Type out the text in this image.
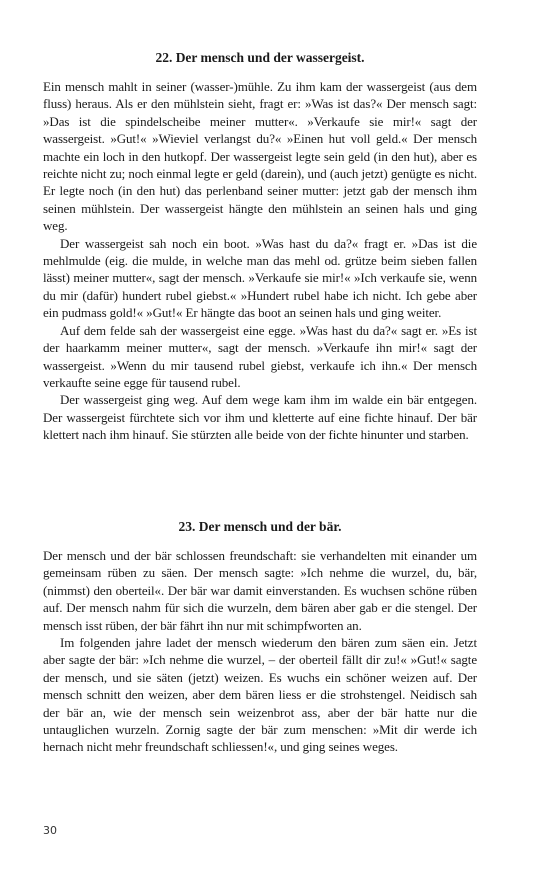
22. Der mensch und der wassergeist.

Ein mensch mahlt in seiner (wasser-)mühle. Zu ihm kam der wassergeist (aus dem fluss) heraus. Als er den mühlstein sieht, fragt er: »Was ist das?« Der mensch sagt: »Das ist die spindelscheibe meiner mutter«. »Verkaufe sie mir!« sagt der wassergeist. »Gut!« »Wieviel verlangst du?« »Einen hut voll geld.« Der mensch machte ein loch in den hutkopf. Der wassergeist legte sein geld (in den hut), aber es reichte nicht zu; noch einmal legte er geld (darein), und (auch jetzt) genügte es nicht. Er legte noch (in den hut) das perlenband seiner mutter: jetzt gab der mensch ihm seinen mühlstein. Der wassergeist hängte den mühlstein an seinen hals und ging weg.

Der wassergeist sah noch ein boot. »Was hast du da?« fragt er. »Das ist die mehlmulde (eig. die mulde, in welche man das mehl od. grütze beim sieben fallen lässt) meiner mutter«, sagt der mensch. »Verkaufe sie mir!« »Ich verkaufe sie, wenn du mir (dafür) hundert rubel giebst.« »Hundert rubel habe ich nicht. Ich gebe aber ein pudmass gold!« »Gut!« Er hängte das boot an seinen hals und ging weiter.

Auf dem felde sah der wassergeist eine egge. »Was hast du da?« sagt er. »Es ist der haarkamm meiner mutter«, sagt der mensch. »Verkaufe ihn mir!« sagt der wassergeist. »Wenn du mir tausend rubel giebst, verkaufe ich ihn.« Der mensch verkaufte seine egge für tausend rubel.

Der wassergeist ging weg. Auf dem wege kam ihm im walde ein bär entgegen. Der wassergeist fürchtete sich vor ihm und kletterte auf eine fichte hinauf. Der bär klettert nach ihm hinauf. Sie stürzten alle beide von der fichte hinunter und starben.

23. Der mensch und der bär.

Der mensch und der bär schlossen freundschaft: sie verhandelten mit einander um gemeinsam rüben zu säen. Der mensch sagte: »Ich nehme die wurzel, du, bär, (nimmst) den oberteil«. Der bär war damit einverstanden. Es wuchsen schöne rüben auf. Der mensch nahm für sich die wurzeln, dem bären aber gab er die stengel. Der mensch isst rüben, der bär fährt ihn nur mit schimpfworten an.

Im folgenden jahre ladet der mensch wiederum den bären zum säen ein. Jetzt aber sagte der bär: »Ich nehme die wurzel, – der oberteil fällt dir zu!« »Gut!« sagte der mensch, und sie säten (jetzt) weizen. Es wuchs ein schöner weizen auf. Der mensch schnitt den weizen, aber dem bären liess er die strohstengel. Neidisch sah der bär an, wie der mensch sein weizenbrot ass, aber der bär hatte nur die untauglichen wurzeln. Zornig sagte der bär zum menschen: »Mit dir werde ich hernach nicht mehr freundschaft schliessen!«, und ging seines weges.

30
